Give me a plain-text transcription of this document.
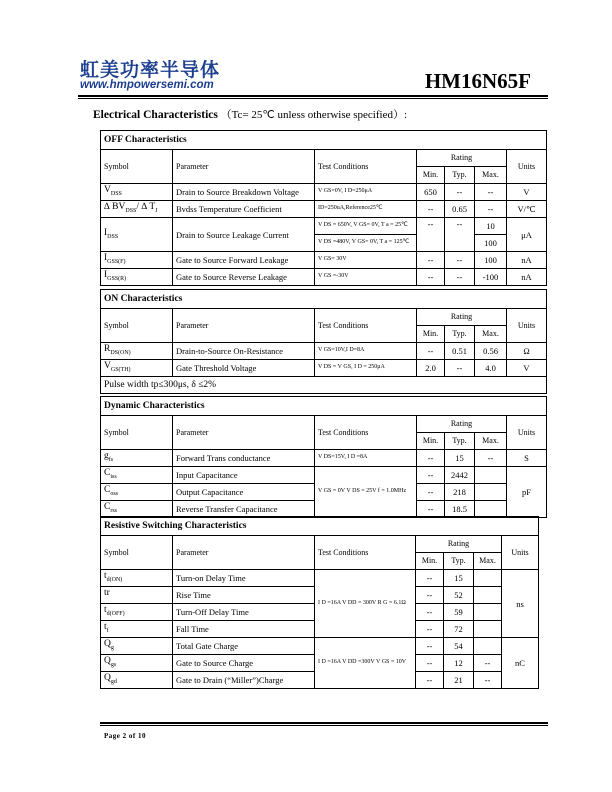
虹美功率半导体
www.hmpowersemi.com	HM16N65F
Electrical Characteristics （Tc= 25℃ unless otherwise specified）:
OFF Characteristics						
Symbol	Parameter	Test Conditions	Rating			Units
			Min.	Typ.	Max.	
$V_{DSS}$	Drain to Source Breakdown Voltage	V GS=0V, I D=250μA	650	--	--	V
∆ $BV_{DSS}/$ ∆ $T_J$	Bvdss Temperature Coefficient	ID=250uA,Reference25℃	--	0.65	--	V/℃
$I_{DSS}$	Drain to Source Leakage Current	V DS = 650V, V GS= 0V, T a = 25℃	--	--	10	μA
		V DS =480V, V GS= 0V, T a = 125℃			100	
$I_{GSS(F)}$	Gate to Source Forward Leakage	V GS= 30V	--	--	100	nA
$I_{GSS(R)}$	Gate to Source Reverse Leakage	V GS =-30V	--	--	-100	nA
ON Characteristics						
Symbol	Parameter	Test Conditions	Rating			Units
			Min.	Typ.	Max.	
$R_{DS(ON)}$	Drain-to-Source On-Resistance	V GS=10V,I D=8A	--	0.51	0.56	Ω
$V_{GS(TH)}$	Gate Threshold Voltage	V DS = V GS, I D = 250μA	2.0	--	4.0	V
Pulse width tp≤300μs, δ ≤2%						
Dynamic Characteristics						
Symbol	Parameter	Test Conditions	Rating			Units
			Min.	Typ.	Max.	
$g_{fs}$	Forward Trans conductance	V DS=15V, I D =8A	--	15	--	S
$C_{iss}$	Input Capacitance	V GS = 0V V DS = 25V f = 1.0MHz	--	2442		pF
$C_{oss}$	Output Capacitance		--	218		
$C_{rss}$	Reverse Transfer Capacitance		--	18.5		
Resistive Switching Characteristics						
Symbol	Parameter	Test Conditions	Rating			Units
			Min.	Typ.	Max.	
$t_{d(ON)}$	Turn-on Delay Time	I D =16A V DD = 300V R G = 6.1Ω	--	15		ns
tr	Rise Time		--	52		
$t_{d(OFF)}$	Turn-Off Delay Time		--	59		
$t_f$	Fall Time		--	72		
$Q_g$	Total Gate Charge	I D =16A V DD =300V V GS = 10V	--	54		nC
$Q_{gs}$	Gate to Source Charge		--	12	--	
$Q_{gd}$	Gate to Drain (“Miller”)Charge		--	21	--	
Page 2 of 10
